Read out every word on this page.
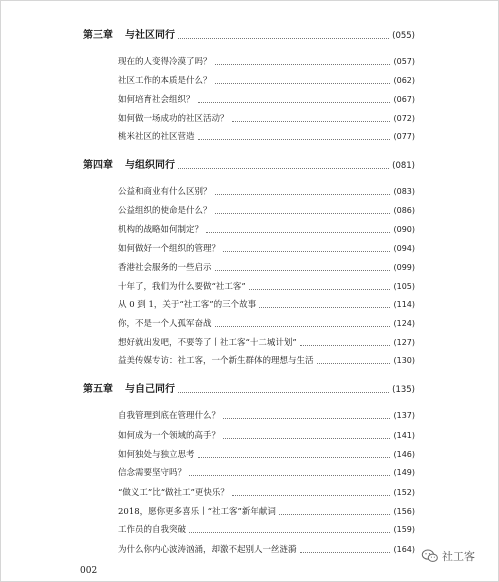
第三章 与社区同行	(055)
现在的人变得冷漠了吗？	(057)
社区工作的本质是什么？	(062)
如何培育社会组织？	(067)
如何做一场成功的社区活动？	(072)
桃米社区的社区营造	(077)
第四章 与组织同行	(081)
公益和商业有什么区别？	(083)
公益组织的使命是什么？	(086)
机构的战略如何制定？	(090)
如何做好一个组织的管理？	(094)
香港社会服务的一些启示	(099)
十年了，我们为什么要做“社工客”	(105)
从 0 到 1，关于“社工客”的三个故事	(114)
你，不是一个人孤军奋战	(124)
想好就出发吧，不要等了丨社工客“十二城计划”	(127)
益美传媒专访：社工客，一个新生群体的理想与生活	(130)
第五章 与自己同行	(135)
自我管理到底在管理什么？	(137)
如何成为一个领域的高手？	(141)
如何独处与独立思考	(146)
信念需要坚守吗？	(149)
“做义工”比“做社工”更快乐？	(152)
2018，愿你更多喜乐丨“社工客”新年献词	(156)
工作员的自我突破	(159)
为什么你内心波涛汹涌，却激不起别人一丝涟漪	(164)
002
社工客
